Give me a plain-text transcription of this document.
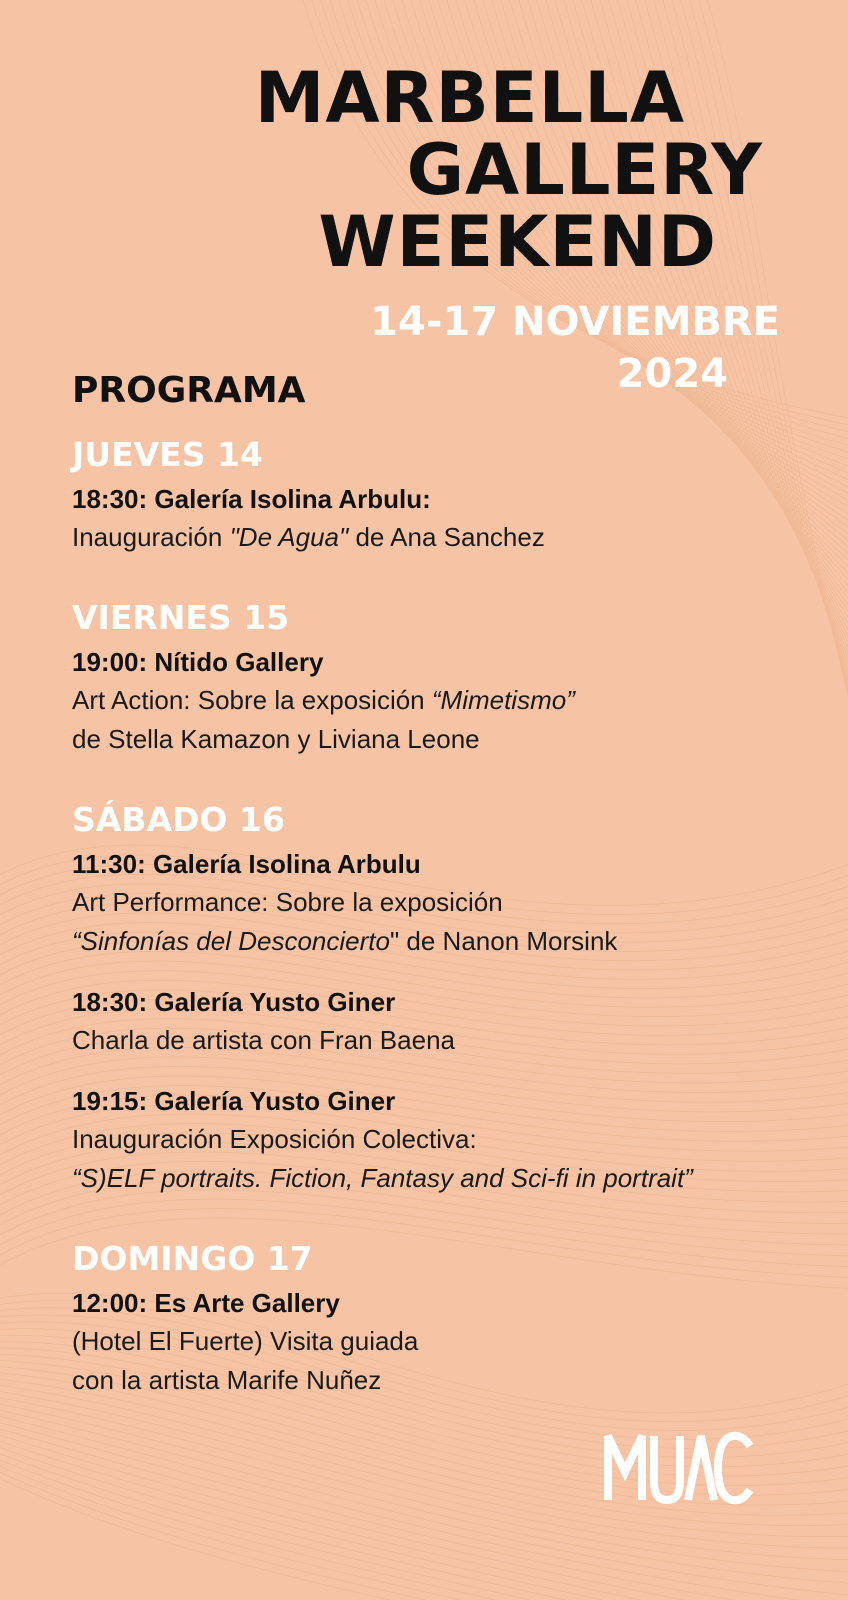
MARBELLA
GALLERY
WEEKEND
14-17 NOVIEMBRE
2024
PROGRAMA
JUEVES 14
18:30: Galería Isolina Arbulu:
Inauguración "De Agua" de Ana Sanchez
VIERNES 15
19:00: Nítido Gallery
Art Action: Sobre la exposición “Mimetismo”
de Stella Kamazon y Liviana Leone
SÁBADO 16
11:30: Galería Isolina Arbulu
Art Performance: Sobre la exposición
“Sinfonías del Desconcierto" de Nanon Morsink
18:30: Galería Yusto Giner
Charla de artista con Fran Baena
19:15: Galería Yusto Giner
Inauguración Exposición Colectiva:
“S)ELF portraits. Fiction, Fantasy and Sci-fi in portrait”
DOMINGO 17
12:00: Es Arte Gallery
(Hotel El Fuerte) Visita guiada
con la artista Marife Nuñez
MUAC
